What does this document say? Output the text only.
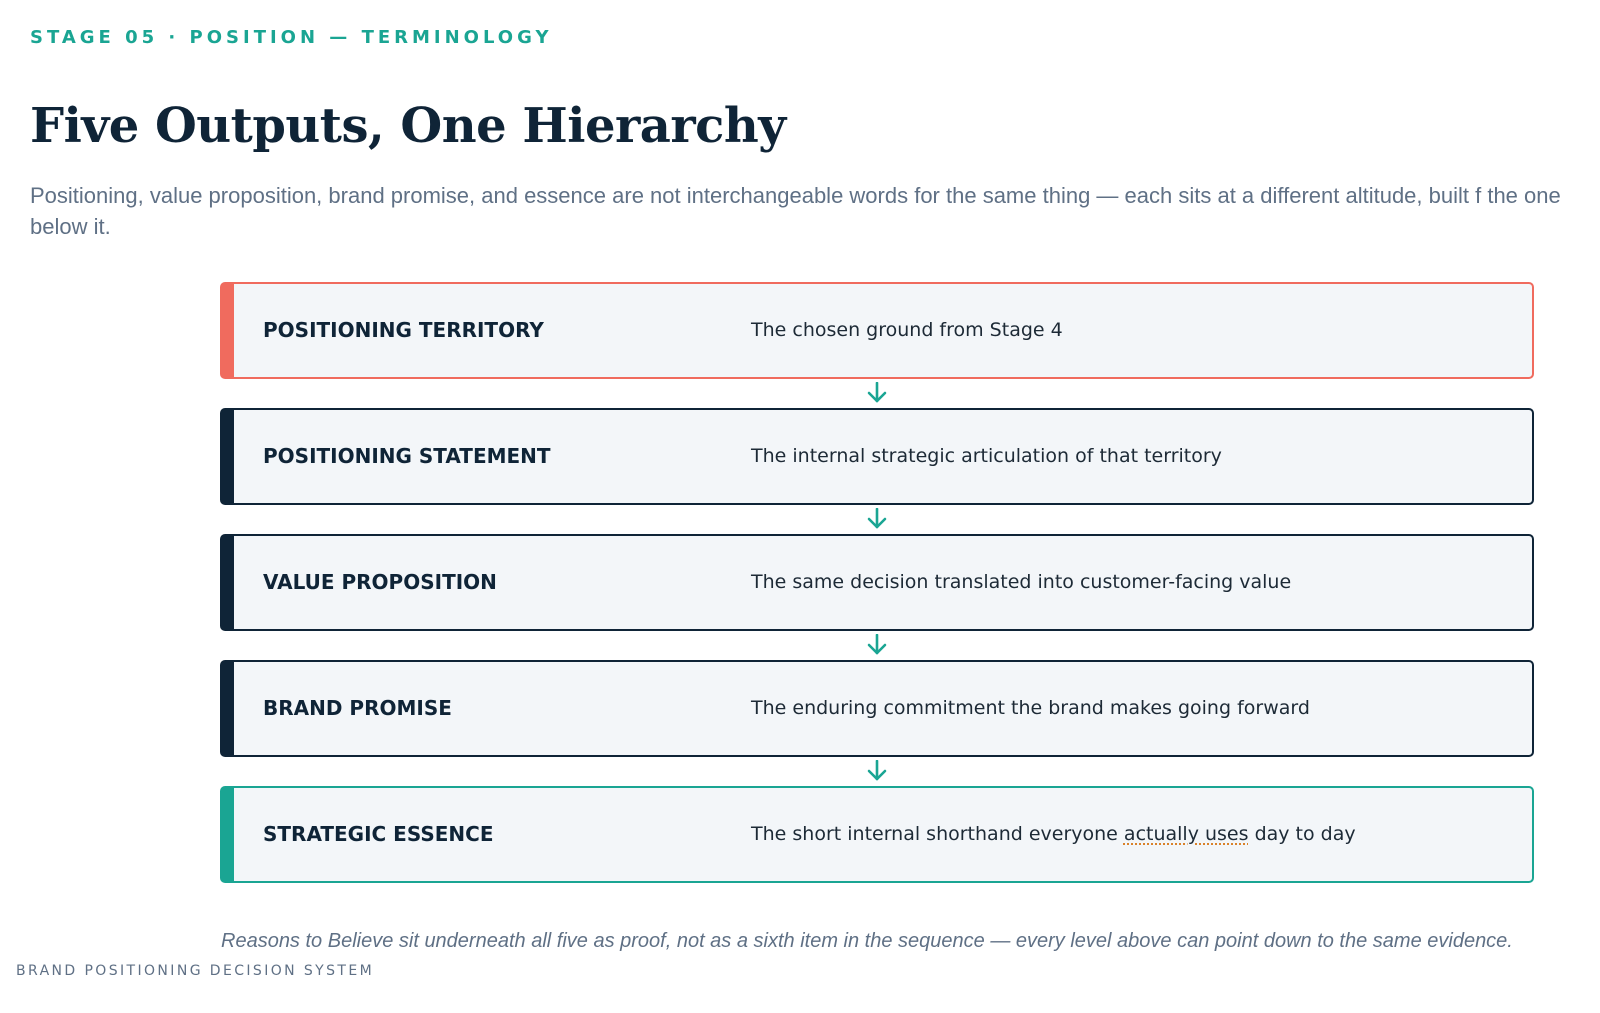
STAGE 05 · POSITION — TERMINOLOGY
Five Outputs, One Hierarchy

Positioning, value proposition, brand promise, and essence are not interchangeable words for the same thing — each sits at a different altitude, built f the one below it.

POSITIONING TERRITORY	The chosen ground from Stage 4
POSITIONING STATEMENT	The internal strategic articulation of that territory
VALUE PROPOSITION	The same decision translated into customer-facing value
BRAND PROMISE	The enduring commitment the brand makes going forward
STRATEGIC ESSENCE	The short internal shorthand everyone actually uses day to day
Reasons to Believe sit underneath all five as proof, not as a sixth item in the sequence — every level above can point down to the same evidence.
BRAND POSITIONING DECISION SYSTEM
